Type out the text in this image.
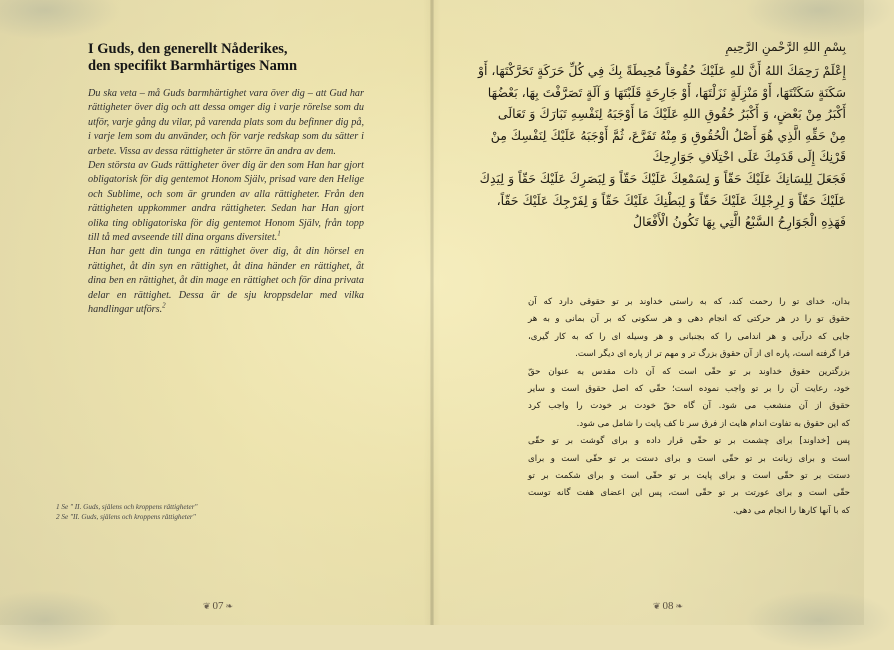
I Guds, den generellt Nåderikes,
den specifikt Barmhärtiges Namn

Du ska veta – må Guds barmhärtighet vara över dig – att Gud har rättigheter över dig och att dessa omger dig i varje rörelse som du utför, varje gång du vilar, på varenda plats som du befinner dig på, i varje lem som du använder, och för varje redskap som du sätter i arbete. Vissa av dessa rättigheter är större än andra av dem.

Den största av Guds rättigheter över dig är den som Han har gjort obligatorisk för dig gentemot Honom Själv, prisad vare den Helige och Sublime, och som är grunden av alla rättigheter. Från den rättigheten uppkommer andra rättigheter. Sedan har Han gjort olika ting obligatoriska för dig gentemot Honom Själv, från topp till tå med avseende till dina organs diversitet.$^1$

Han har gett din tunga en rättighet över dig, åt din hörsel en rättighet, åt din syn en rättighet, åt dina händer en rättighet, åt dina ben en rättighet, åt din mage en rättighet och för dina privata delar en rättighet. Dessa är de sju kroppsdelar med vilka handlingar utförs.$^2$

1 Se " II. Guds, själens och kroppens rättigheter"
2 Se "II. Guds, själens och kroppens rättigheter"
❦ 07 ❧

بِسْمِ اللهِ الرَّحْمنِ الرَّحِيمِ

إِعْلَمْ رَحِمَكَ اللهُ أَنَّ للهِ عَلَيْكَ حُقُوقاً مُحِيطَةً بِكَ فِي كُلِّ حَرَكَةٍ تَحَرَّكْتَهَا، أَوْ

سَكَنَةٍ سَكَنْتَهَا، أَوْ مَنْزِلَةٍ نَزَلْتَهَا، أَوْ جَارِحَةٍ قَلَبْتَهَا وَ آلَةٍ تَصَرَّفْتَ بِهَا، بَعْضُهَا

أَكْبَرُ مِنْ بَعْضٍ، وَ أَكْبَرُ حُقُوقِ اللهِ عَلَيْكَ مَا أَوْجَبَهُ لِنَفْسِهِ تَبَارَكَ وَ تَعَالَى

مِنْ حَقِّهِ الَّذِي هُوَ أَصْلُ الْحُقُوقِ وَ مِنْهُ تَفَرَّعَ، ثُمَّ أَوْجَبَهُ عَلَيْكَ لِنَفْسِكَ مِنْ

قَرْنِكَ إِلَى قَدَمِكَ عَلَى اخْتِلَافِ جَوَارِحِكَ

فَجَعَلَ لِلِسَانِكَ عَلَيْكَ حَقّاً وَ لِسَمْعِكَ عَلَيْكَ حَقّاً وَ لِبَصَرِكَ عَلَيْكَ حَقّاً وَ لِيَدِكَ

عَلَيْكَ حَقّاً وَ لِرِجْلِكَ عَلَيْكَ حَقّاً وَ لِبَطْنِكَ عَلَيْكَ حَقّاً وَ لِفَرْجِكَ عَلَيْكَ حَقّاً،

فَهَذِهِ الْجَوَارِحُ السَّبْعُ الَّتِي بِهَا تَكُونُ الْأَفْعَالُ

بدان، خدای تو را رحمت کند، که به راستی خداوند بر تو حقوقی دارد که آن

حقوق تو را در هر حرکتی که انجام دهی و هر سکونی که بر آن بمانی و به هر

جایی که درآیی و هر اندامی را که بجنبانی و هر وسیله ای را که به کار گیری،

فرا گرفته است، پاره ای از آن حقوق بزرگ تر و مهم تر از پاره ای دیگر است.

بزرگترین حقوق خداوند بر تو حقّی است که آن ذات مقدس به عنوان حقّ

خود، رعایت آن را بر تو واجب نموده است؛ حقّی که اصل حقوق است و سایر

حقوق از آن منشعب می شود. آن گاه حقّ خودت بر خودت را واجب کرد

که این حقوق به تفاوت اندام هایت از فرق سر تا کف پایت را شامل می شود.

پس [خداوند] برای چشمت بر تو حقّی قرار داده و برای گوشت بر تو حقّی

است و برای زبانت بر تو حقّی است و برای دستت بر تو حقّی است و برای

دستت بر تو حقّی است و برای پایت بر تو حقّی است و برای شکمت بر تو

حقّی است و برای عورتت بر تو حقّی است، پس این اعضای هفت گانه توست

که با آنها کارها را انجام می دهی.

❦ 08 ❧
